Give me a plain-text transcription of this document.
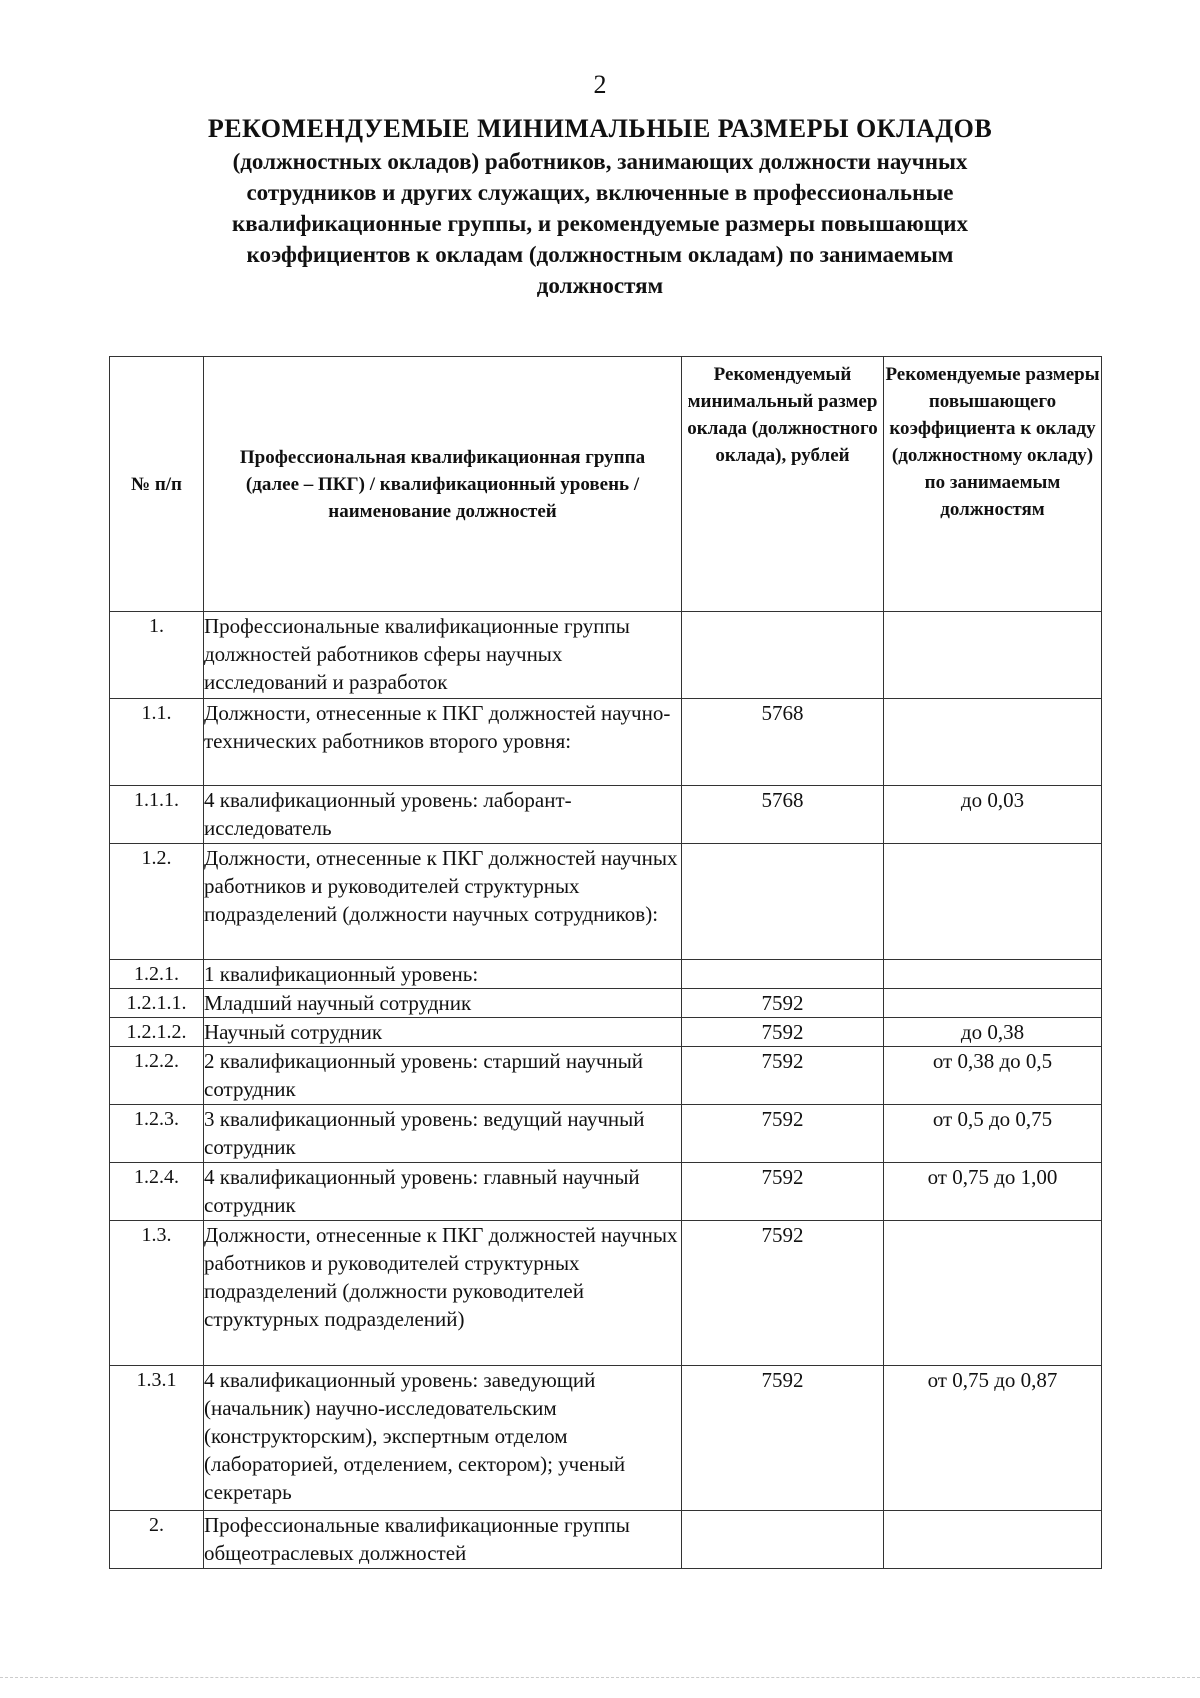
2
РЕКОМЕНДУЕМЫЕ МИНИМАЛЬНЫЕ РАЗМЕРЫ ОКЛАДОВ
(должностных окладов) работников, занимающих должности научных
сотрудников и других служащих, включенные в профессиональные
квалификационные группы, и рекомендуемые размеры повышающих
коэффициентов к окладам (должностным окладам) по занимаемым
должностям
№ п/п	Профессиональная квалификационная группа (далее – ПКГ) / квалификационный уровень / наименование должностей	Рекомендуемый минимальный размер оклада (должностного оклада), рублей	Рекомендуемые размеры повышающего коэффициента к окладу (должностному окладу) по занимаемым должностям
1.	Профессиональные квалификационные группы должностей работников сферы научных исследований и разработок		
1.1.	Должности, отнесенные к ПКГ должностей научно-технических работников второго уровня:	5768	
1.1.1.	4 квалификационный уровень: лаборант-исследователь	5768	до 0,03
1.2.	Должности, отнесенные к ПКГ должностей научных работников и руководителей структурных подразделений (должности научных сотрудников):		
1.2.1.	1 квалификационный уровень:		
1.2.1.1.	Младший научный сотрудник	7592	
1.2.1.2.	Научный сотрудник	7592	до 0,38
1.2.2.	2 квалификационный уровень: старший научный сотрудник	7592	от 0,38 до 0,5
1.2.3.	3 квалификационный уровень: ведущий научный сотрудник	7592	от 0,5 до 0,75
1.2.4.	4 квалификационный уровень: главный научный сотрудник	7592	от 0,75 до 1,00
1.3.	Должности, отнесенные к ПКГ должностей научных работников и руководителей структурных подразделений (должности руководителей структурных подразделений)	7592	
1.3.1	4 квалификационный уровень: заведующий (начальник) научно-исследовательским (конструкторским), экспертным отделом (лабораторией, отделением, сектором); ученый секретарь	7592	от 0,75 до 0,87
2.	Профессиональные квалификационные группы общеотраслевых должностей		
